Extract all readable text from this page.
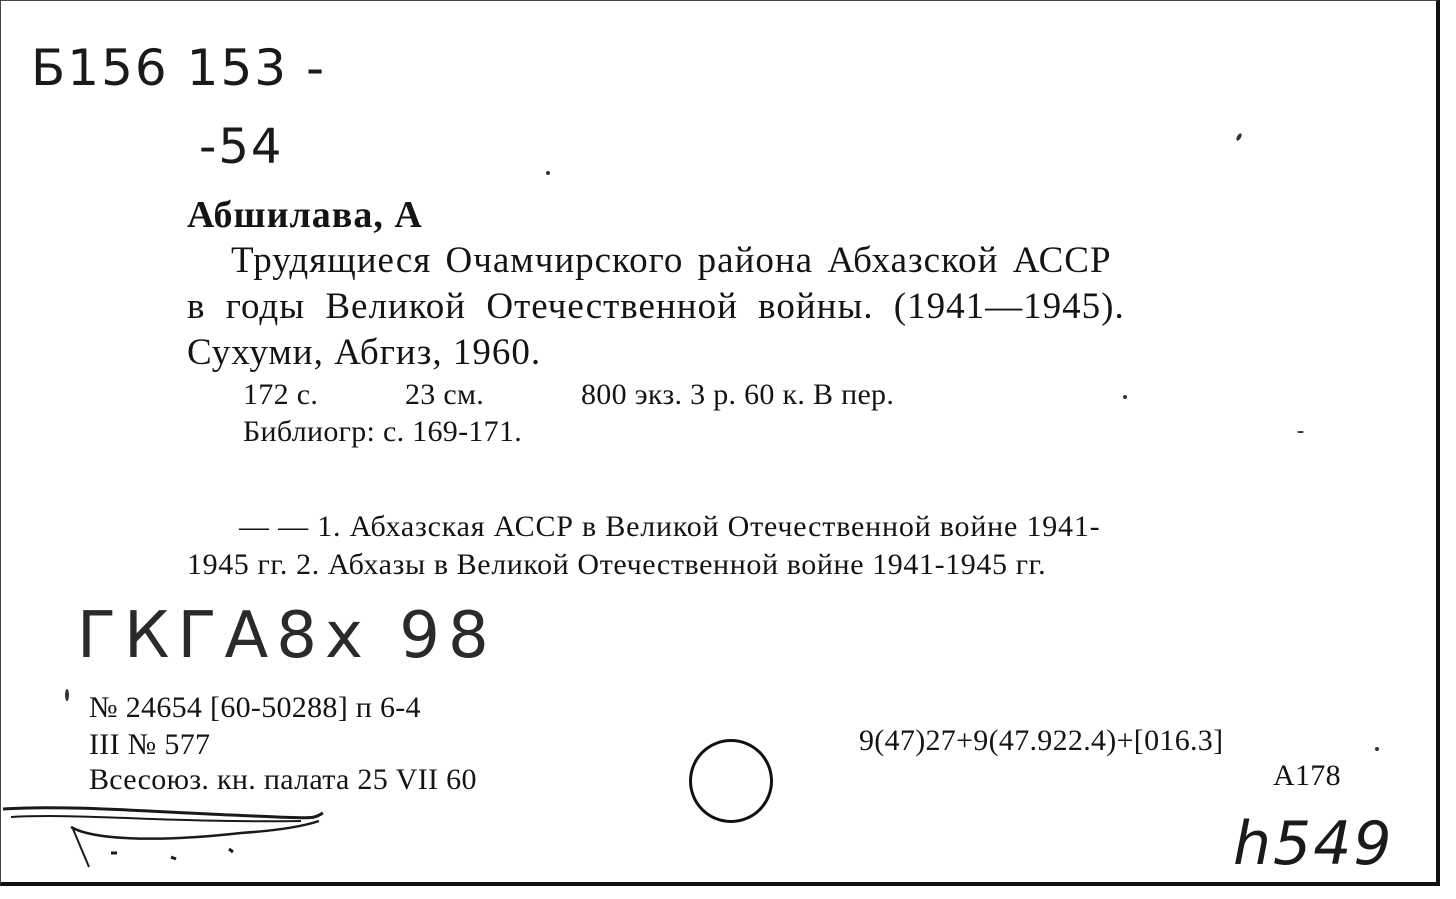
Б156 153 -
-54
Абшилава, А
Трудящиеся Очамчирского района Абхазской АССР
в годы Великой Отечественной войны. (1941—1945).
Сухуми, Абгиз, 1960.
172 с.	23 см.	800 экз. 3 р. 60 к. В пер.
Библиогр: с. 169-171.
— — 1. Абхазская АССР в Великой Отечественной войне 1941-
1945 гг. 2. Абхазы в Великой Отечественной войне 1941-1945 гг.
ГКГА8х 98
№ 24654 [60-50288] п 6-4
III № 577
Всесоюз. кн. палата 25 VII 60
9(47)27+9(47.922.4)+[016.3]
А178
h549
